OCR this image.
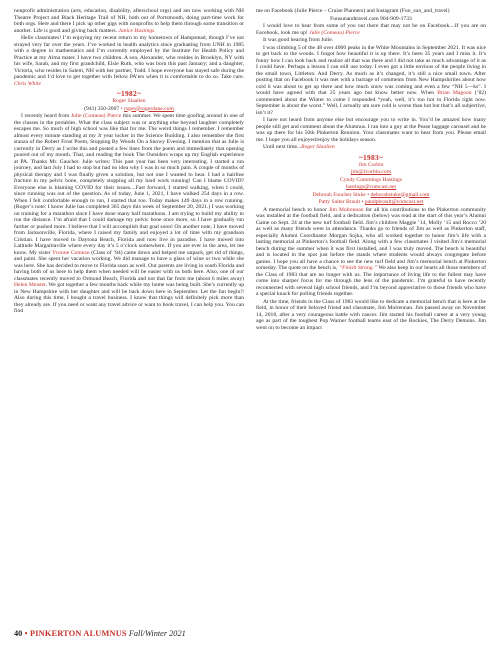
nonprofit administration (arts, education, disability, afterschool orgs) and am now working with NH Theatre Project and Black Heritage Trail of NH, both out of Portsmouth, doing part-time work for both orgs. Here and there I pick up other gigs with nonprofits to help them through some transition or another. Life is good and giving back matters. Janice Hastings

Hello classmates! I’m enjoying my recent return to my hometown of Hampstead, though I’ve not strayed very far over the years. I’ve worked in health analytics since graduating from UNH in 1985 with a degree in mathematics and I’m currently employed by the Institute for Health Policy and Practice at my Alma mater. I have two children. A son, Alexander, who resides in Brooklyn, NY with his wife, Sarah, and my first grandchild, Elsie Ruth, who was born this past January; and a daughter, Victoria, who resides in Salem, NH with her partner, Todd. I hope everyone has stayed safe during the pandemic and I’d love to get together with fellow PA’ers when it is comfortable to do so. Take care. Chris White

~1982~

Roger Slaalien

(941) 350-2007 • rsger@rogerdane.com

I recently heard from Julie (Comeau) Pierce this summer. We spent time goofing around in one of the classes in the portables. What the class subject was or anything else beyond laughter completely escapes me. So much of high school was like that for me. The weird things I remember. I remember almost every minute standing at my Jr year locker in the Science Building. I also remember the first stanza of the Robert Frost Poem, Stopping By Woods On a Snowy Evening. I mention that as Julie is currently in Derry as I write this and posted a few lines from the poem and immediately that opening poured out of my mouth. That, and reading the book The Outsiders wraps up my English experience at PA. Thanks Mr. Gaucher. Julie writes: This past year has been very interesting. I started a run journey, and last July I had to stop but had no idea why I was in so much pain. A couple of months of physical therapy and I was finally given a solution, but not one I wanted to hear. I had a hairline fracture in my pelvic bone, completely stopping all my hard work running! Can I blame COVID? Everyone else is blaming COVID for their issues....Fast forward, I started walking, when I could, since running was out of the question. As of today, June 1, 2021, I have walked 254 days in a row. When I felt comfortable enough to run, I started that too. Today makes 149 days in a row running. (Roger’s note: I know Julie has completed 365 days this week of September 20, 2021.) I was working on training for a marathon since I have done many half marathons. I am trying to build my ability to run the distance. I’m afraid that I could damage my pelvic bone once more, so I have gradually run farther or pushed more. I believe that I will accomplish that goal soon! On another note, I have moved from Jacksonville, Florida, where I raised my family and enjoyed a lot of time with my grandson Cristian. I have moved to Daytona Beach, Florida and now live in paradise. I have moved into Latitude Margaritaville where every day it’s 5 o’clock somewhere. If you are ever in the area, let me know. My sister Yvonne Comeau (Class of ’84) came down and helped me unpack, get rid of things, and paint. She spent her vacation working. We did manage to have a glass of wine or two while she was here. She has decided to move to Florida soon as well. Our parents are living in south Florida and having both of us here to help them when needed will be easier with us both here. Also, one of our classmates recently moved to Ormond Beach, Florida and not that far from me (about 6 miles away) Helen Meister. We got together a few months back while my home was being built. She’s currently up in New Hampshire with her daughter and will be back down here in September. Let the fun begin!! Also during this time, I bought a travel business. I know that things will definitely pick more than they already are. If you need or want any travel advice or want to book travel, I can help you. You can find

me on Facebook (Julie Pierce – Cruise Planners) and Instagram (Fun_sun_and_travel)

Funsunandtravel.com 904-909-1733

I would love to hear from some of you out there that may not be on Facebook....If you are on Facebook, look me up! Julie (Comeau) Pierce

It was good hearing from Julie.

I was climbing 5 of the 48 over 4000 peaks in the White Mountains in September 2021. It was nice to get back to the woods. I forgot how beautiful it is up there. It’s been 35 years and I miss it. It’s funny how I can look back and realize all that was there and I did not take as much advantage of it as I could have. Perhaps a lesson I can still use today. I even got a little envious of the people living in the small town, Littleton. And Derry. As much as it’s changed, it’s still a nice small town. After posting that on Facebook it was met with a barrage of comments from New Hampshirites about how cold it was about to get up there and how much snow was coming and even a few “NH 5—ks”. I would have agreed with that 25 years ago but know better now. When Brian Magoon (’82) commented about the Winter to come I responded “yeah, well, it’s too hot in Florida right now. September is about the worst.” Well, I actually am sure cold is worse than hot but that’s all subjective, isn’t it?

I have not heard from anyone else but encourage you to write in. You’d be amazed how many people still get and comment about the Alumnus. I ran into a guy at the Pease luggage carousel and he was up there for his 50th Pinkerton Reunion. Your classmates want to hear from you. Please email me. I hope you all enjoyed/enjoy the holidays season.

Until next time...Roger Slaalien

~1983~

Jim Corbin

jim@Jcorbin.com

Cyndy Cummings Hastings

hastings@comcast.net

Deborah Foucher Stuke • deborahstuke@gmail.com

Patty Salter Brault • pandpbrault@comcast.net

A memorial bench to honor Jim Mulrennan for all his contributions to the Pinkerton community was installed at the football field, and a dedication (below) was read at the start of this year’s Alumni Game on Sept. 24 at the new turf football field. Jim’s children Maggie ’14, Molly ’15 and Rocco ’20 as well as many friends were in attendance. Thanks go to friends of Jim as well as Pinkerton staff, especially Alumni Coordinator Morgan Sojka, who all worked together to honor Jim’s life with a lasting memorial at Pinkerton’s football field. Along with a few classmates I visited Jim’s memorial bench during the summer when it was first installed, and I was truly moved. The bench is beautiful and is located in the spot just before the stands where students would always congregate before games. I hope you all have a chance to see the new turf field and Jim’s memorial bench at Pinkerton someday. The quote on the bench is, “Finish Strong.” We also keep in our hearts all those members of the Class of 1983 that are no longer with us. The importance of living life to the fullest may have come into sharper focus for me through the lens of the pandemic. I’m grateful to have recently reconnected with several high school friends, and I’m beyond appreciative to those friends who have a special knack for pulling friends together.

At the time, friends in the Class of 1983 would like to dedicate a memorial bench that is here at the field, in honor of their beloved friend and classmate, Jim Mulrennan. Jim passed away on November 14, 2018, after a very courageous battle with cancer. Jim started his football career at a very young age as part of the toughest Pop Warner football teams east of the Rockies, The Derry Demons. Jim went on to become an impact

40 • PINKERTON ALUMNUS Fall/Winter 2021
